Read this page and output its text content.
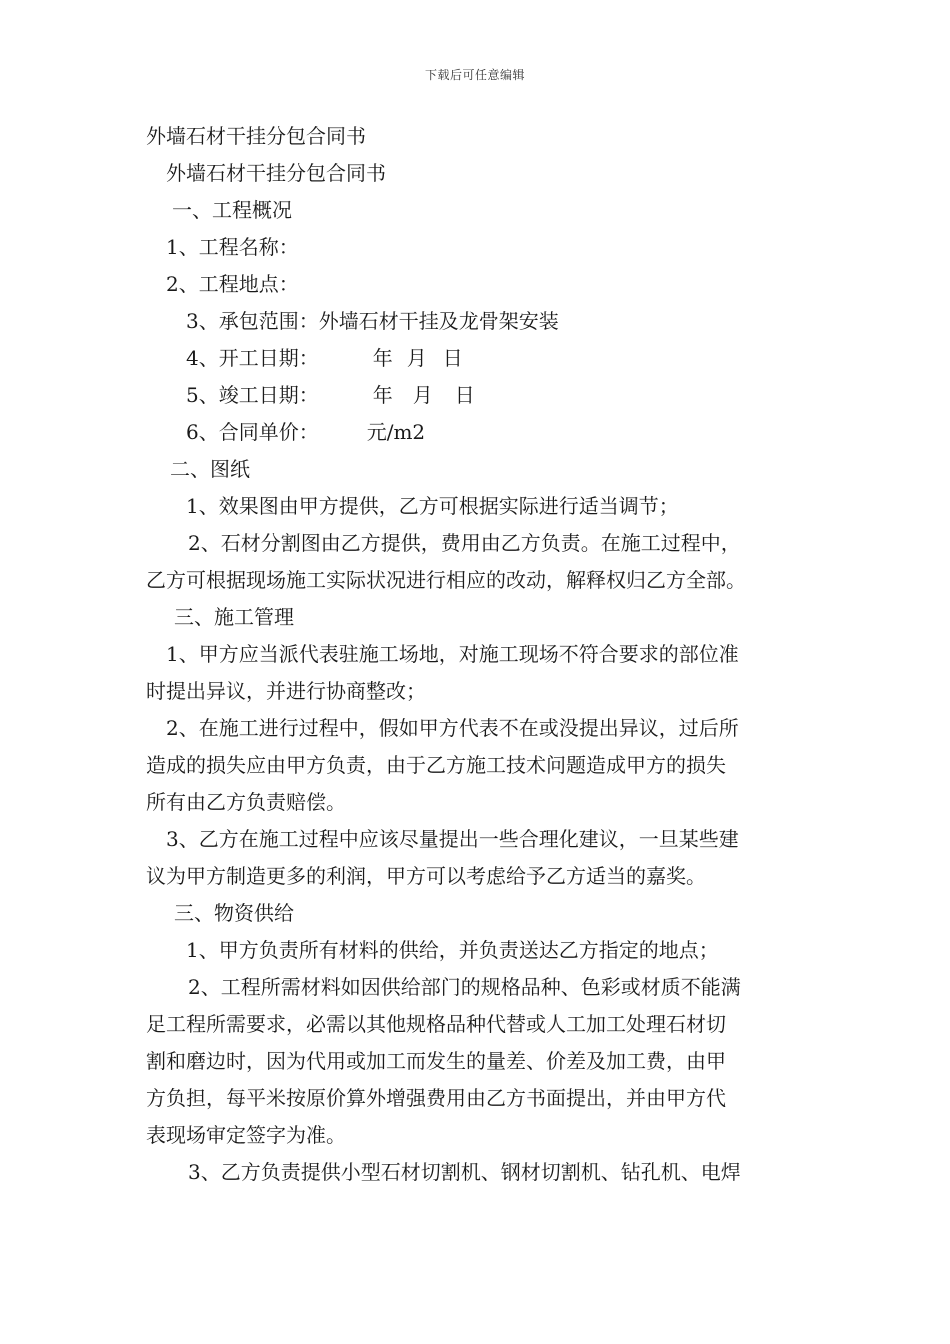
下载后可任意编辑
外墙石材干挂分包合同书
外墙石材干挂分包合同书
一、工程概况
1、工程名称：
2、工程地点：
3、承包范围：外墙石材干挂及龙骨架安装
4、开工日期：	年 月 日
5、竣工日期：	年 月 日
6、合同单价： 元/m2
二、图纸
1、效果图由甲方提供，乙方可根据实际进行适当调节；
2、石材分割图由乙方提供，费用由乙方负责。在施工过程中，
乙方可根据现场施工实际状况进行相应的改动，解释权归乙方全部。
三、施工管理
1、甲方应当派代表驻施工场地，对施工现场不符合要求的部位准
时提出异议，并进行协商整改；
2、在施工进行过程中，假如甲方代表不在或没提出异议，过后所
造成的损失应由甲方负责，由于乙方施工技术问题造成甲方的损失
所有由乙方负责赔偿。
3、乙方在施工过程中应该尽量提出一些合理化建议，一旦某些建
议为甲方制造更多的利润，甲方可以考虑给予乙方适当的嘉奖。
三、物资供给
1、甲方负责所有材料的供给，并负责送达乙方指定的地点；
2、工程所需材料如因供给部门的规格品种、色彩或材质不能满
足工程所需要求，必需以其他规格品种代替或人工加工处理石材切
割和磨边时，因为代用或加工而发生的量差、价差及加工费，由甲
方负担，每平米按原价算外增强费用由乙方书面提出，并由甲方代
表现场审定签字为准。
3、乙方负责提供小型石材切割机、钢材切割机、钻孔机、电焊
